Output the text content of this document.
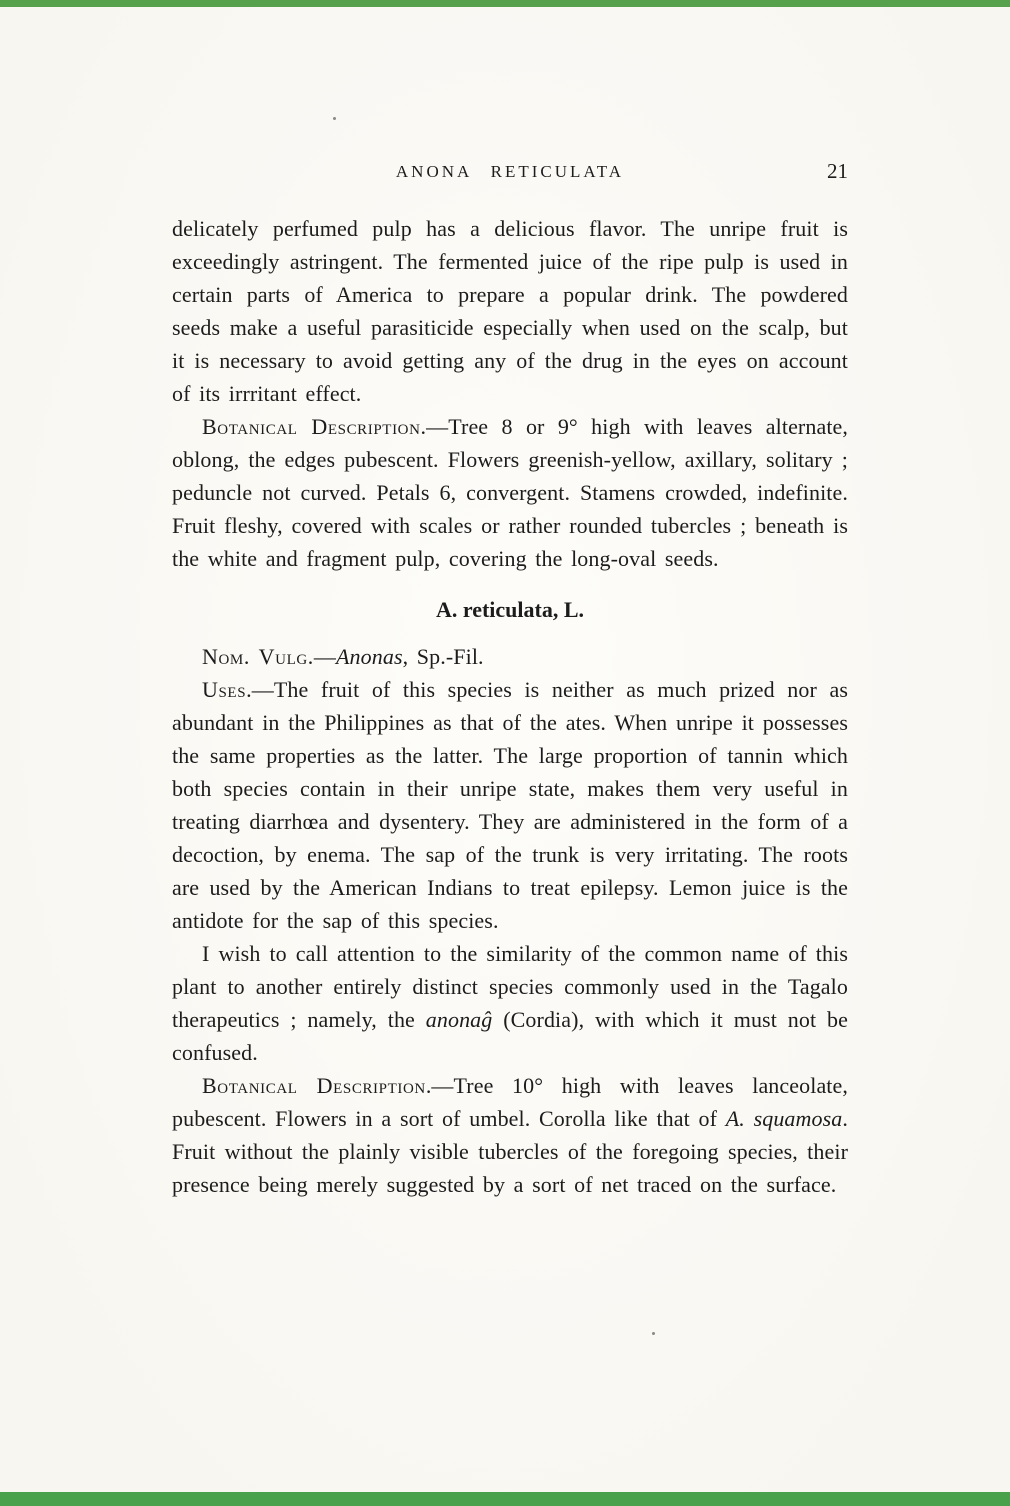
ANONA RETICULATA	21

delicately perfumed pulp has a delicious flavor. The unripe fruit is exceedingly astringent. The fermented juice of the ripe pulp is used in certain parts of America to prepare a popular drink. The powdered seeds make a useful parasiticide especially when used on the scalp, but it is necessary to avoid getting any of the drug in the eyes on account of its irrritant effect.

Botanical Description.—Tree 8 or 9° high with leaves alternate, oblong, the edges pubescent. Flowers greenish-yellow, axillary, solitary ; peduncle not curved. Petals 6, convergent. Stamens crowded, indefinite. Fruit fleshy, covered with scales or rather rounded tubercles ; beneath is the white and fragment pulp, covering the long-oval seeds.

A. reticulata, L.

Nom. Vulg.—Anonas, Sp.-Fil.

Uses.—The fruit of this species is neither as much prized nor as abundant in the Philippines as that of the ates. When unripe it possesses the same properties as the latter. The large proportion of tannin which both species contain in their unripe state, makes them very useful in treating diarrhœa and dysentery. They are administered in the form of a decoction, by enema. The sap of the trunk is very irritating. The roots are used by the American Indians to treat epilepsy. Lemon juice is the antidote for the sap of this species.

I wish to call attention to the similarity of the common name of this plant to another entirely distinct species commonly used in the Tagalo therapeutics ; namely, the anonaĝ (Cordia), with which it must not be confused.

Botanical Description.—Tree 10° high with leaves lanceolate, pubescent. Flowers in a sort of umbel. Corolla like that of A. squamosa. Fruit without the plainly visible tubercles of the foregoing species, their presence being merely suggested by a sort of net traced on the surface.
